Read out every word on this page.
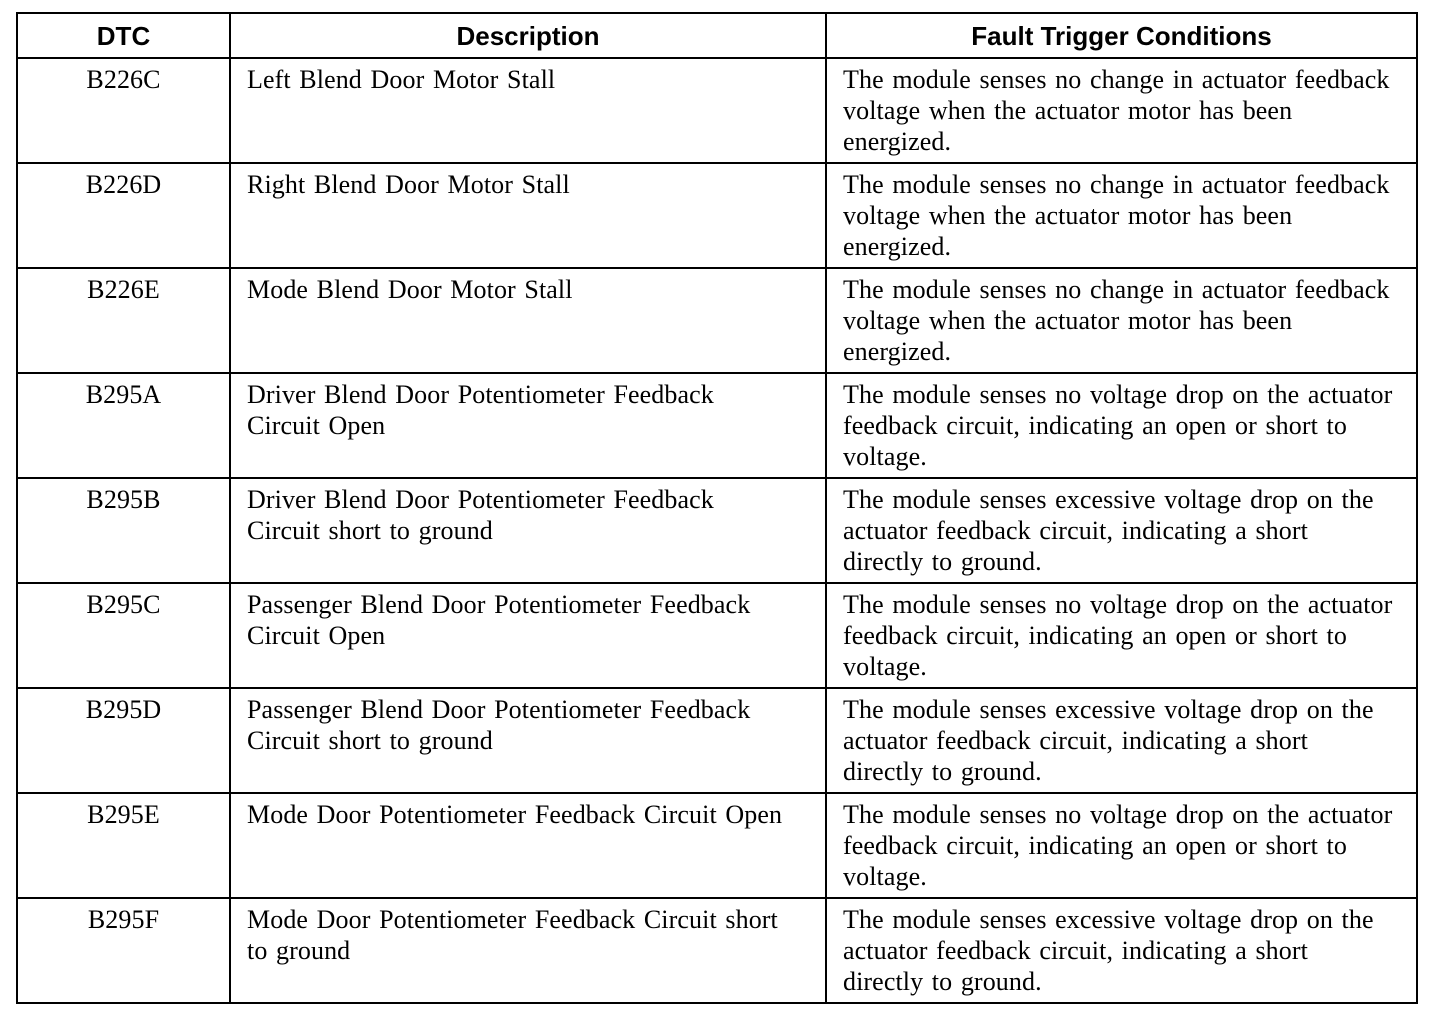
DTC	Description	Fault Trigger Conditions
B226C	Left Blend Door Motor Stall	The module senses no change in actuator feedback voltage when the actuator motor has been energized.
B226D	Right Blend Door Motor Stall	The module senses no change in actuator feedback voltage when the actuator motor has been energized.
B226E	Mode Blend Door Motor Stall	The module senses no change in actuator feedback voltage when the actuator motor has been energized.
B295A	Driver Blend Door Potentiometer Feedback Circuit Open	The module senses no voltage drop on the actuator feedback circuit, indicating an open or short to voltage.
B295B	Driver Blend Door Potentiometer Feedback Circuit short to ground	The module senses excessive voltage drop on the actuator feedback circuit, indicating a short directly to ground.
B295C	Passenger Blend Door Potentiometer Feedback Circuit Open	The module senses no voltage drop on the actuator feedback circuit, indicating an open or short to voltage.
B295D	Passenger Blend Door Potentiometer Feedback Circuit short to ground	The module senses excessive voltage drop on the actuator feedback circuit, indicating a short directly to ground.
B295E	Mode Door Potentiometer Feedback Circuit Open	The module senses no voltage drop on the actuator feedback circuit, indicating an open or short to voltage.
B295F	Mode Door Potentiometer Feedback Circuit short to ground	The module senses excessive voltage drop on the actuator feedback circuit, indicating a short directly to ground.
